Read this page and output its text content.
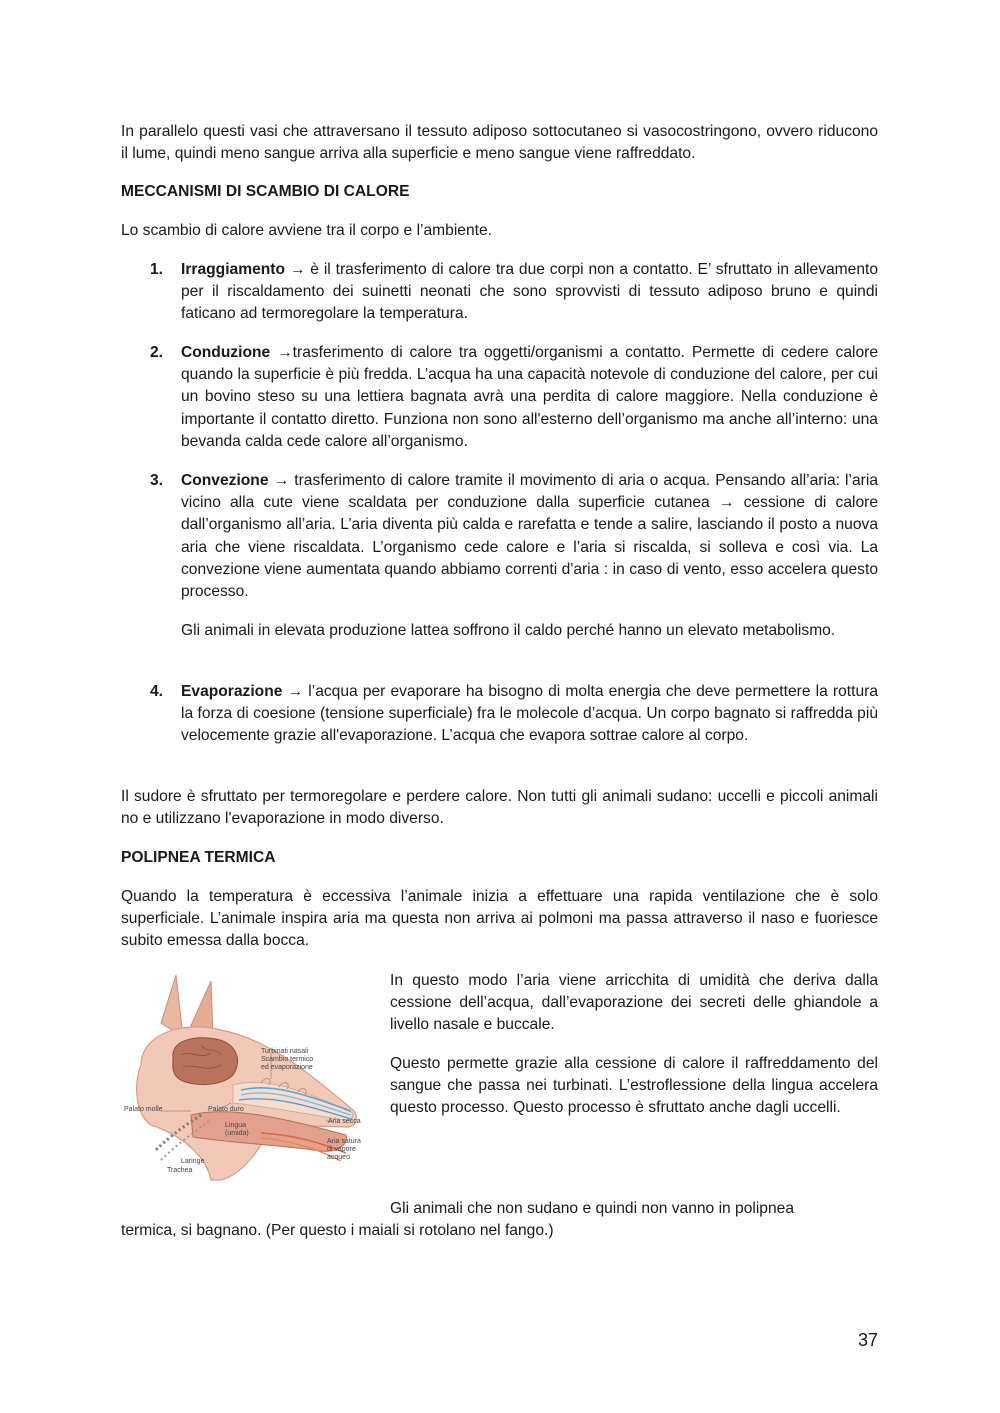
In parallelo questi vasi che attraversano il tessuto adiposo sottocutaneo si vasocostringono, ovvero riducono il lume, quindi meno sangue arriva alla superficie e meno sangue viene raffreddato.

MECCANISMI DI SCAMBIO DI CALORE

Lo scambio di calore avviene tra il corpo e l’ambiente.

1.	Irraggiamento → è il trasferimento di calore tra due corpi non a contatto. E’ sfruttato in allevamento per il riscaldamento dei suinetti neonati che sono sprovvisti di tessuto adiposo bruno e quindi faticano ad termoregolare la temperatura.
2.	Conduzione →trasferimento di calore tra oggetti/organismi a contatto. Permette di cedere calore quando la superficie è più fredda. L’acqua ha una capacità notevole di conduzione del calore, per cui un bovino steso su una lettiera bagnata avrà una perdita di calore maggiore. Nella conduzione è importante il contatto diretto. Funziona non sono all'esterno dell’organismo ma anche all’interno: una bevanda calda cede calore all’organismo.
3.	Convezione → trasferimento di calore tramite il movimento di aria o acqua. Pensando all’aria: l’aria vicino alla cute viene scaldata per conduzione dalla superficie cutanea → cessione di calore dall’organismo all’aria. L’aria diventa più calda e rarefatta e tende a salire, lasciando il posto a nuova aria che viene riscaldata. L’organismo cede calore e l’aria si riscalda, si solleva e così via. La convezione viene aumentata quando abbiamo correnti d'aria : in caso di vento, esso accelera questo processo.
Gli animali in elevata produzione lattea soffrono il caldo perché hanno un elevato metabolismo.
4.	Evaporazione → l’acqua per evaporare ha bisogno di molta energia che deve permettere la rottura la forza di coesione (tensione superficiale) fra le molecole d’acqua. Un corpo bagnato si raffredda più velocemente grazie all'evaporazione. L’acqua che evapora sottrae calore al corpo.

Il sudore è sfruttato per termoregolare e perdere calore. Non tutti gli animali sudano: uccelli e piccoli animali no e utilizzano l'evaporazione in modo diverso.

POLIPNEA TERMICA

Quando la temperatura è eccessiva l’animale inizia a effettuare una rapida ventilazione che è solo superficiale. L’animale inspira aria ma questa non arriva ai polmoni ma passa attraverso il naso e fuoriesce subito emessa dalla bocca.

Turbinati nasali
Scambio termico
ed evaporazione
Palato molle	Palato duro
Aria secca
Lingua
(umida)
Aria satura
di vapore
acqueo
Laringe
Trachea

In questo modo l’aria viene arricchita di umidità che deriva dalla cessione dell’acqua, dall’evaporazione dei secreti delle ghiandole a livello nasale e buccale.

Questo permette grazie alla cessione di calore il raffreddamento del sangue che passa nei turbinati. L’estroflessione della lingua accelera questo processo. Questo processo è sfruttato anche dagli uccelli.

Gli animali che non sudano e quindi non vanno in polipnea

termica, si bagnano. (Per questo i maiali si rotolano nel fango.)

37
